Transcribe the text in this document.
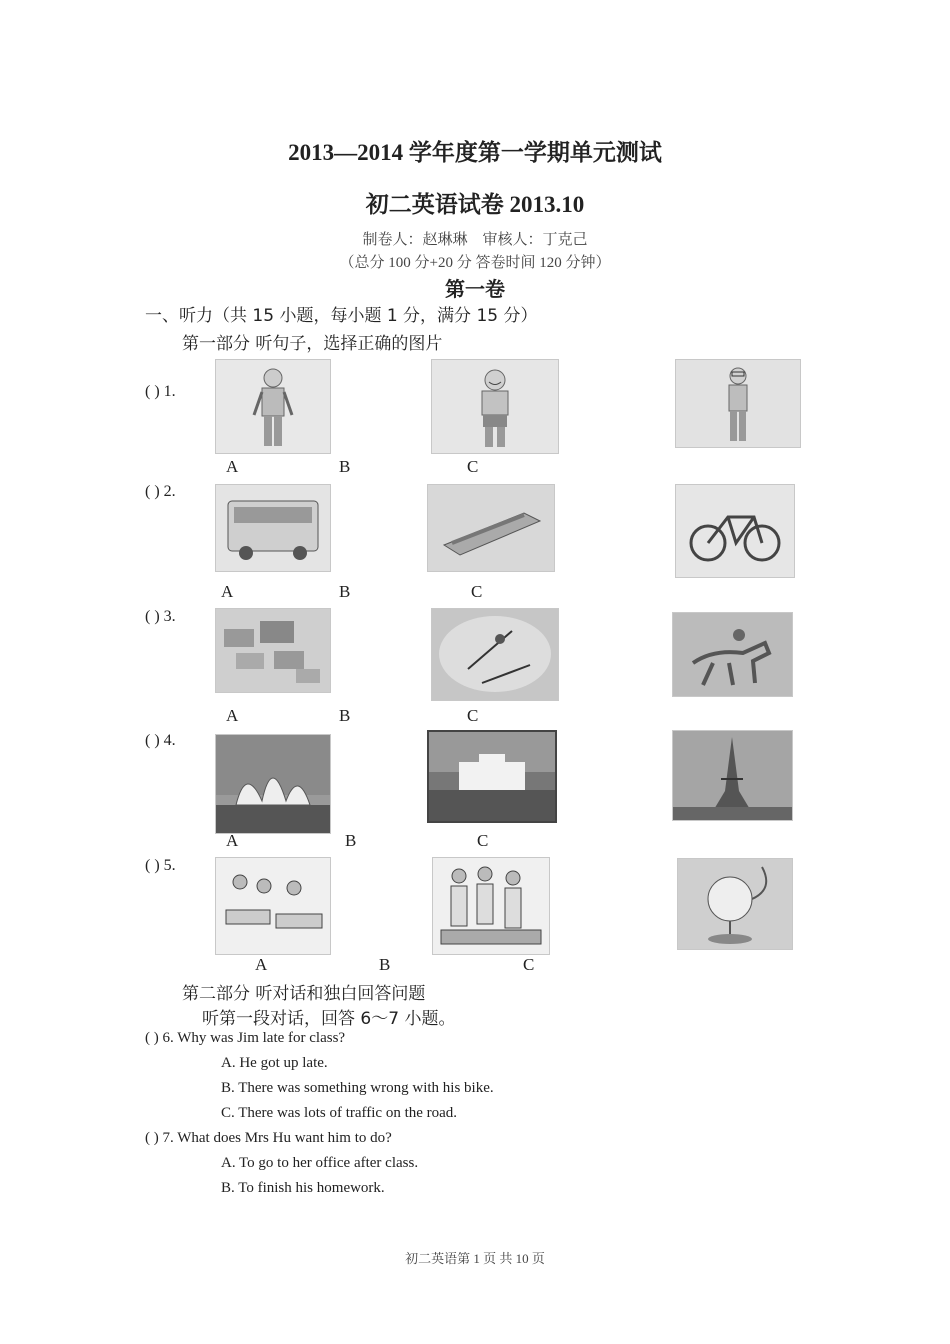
2013—2014 学年度第一学期单元测试
初二英语试卷 2013.10
制卷人：赵琳琳　审核人：丁克己
（总分 100 分+20 分 答卷时间 120 分钟）
第一卷
一、听力（共 15 小题，每小题 1 分，满分 15 分）
第一部分 听句子，选择正确的图片
( ) 1.
A	B	C
( ) 2.
A	B	C
( ) 3.
A	B	C
( ) 4.
A	B	C
( ) 5.
A	B	C
第二部分 听对话和独白回答问题
听第一段对话，回答 6～7 小题。
( ) 6. Why was Jim late for class?
A. He got up late.
B. There was something wrong with his bike.
C. There was lots of traffic on the road.
( ) 7. What does Mrs Hu want him to do?
A. To go to her office after class.
B. To finish his homework.
初二英语第 1 页 共 10 页
